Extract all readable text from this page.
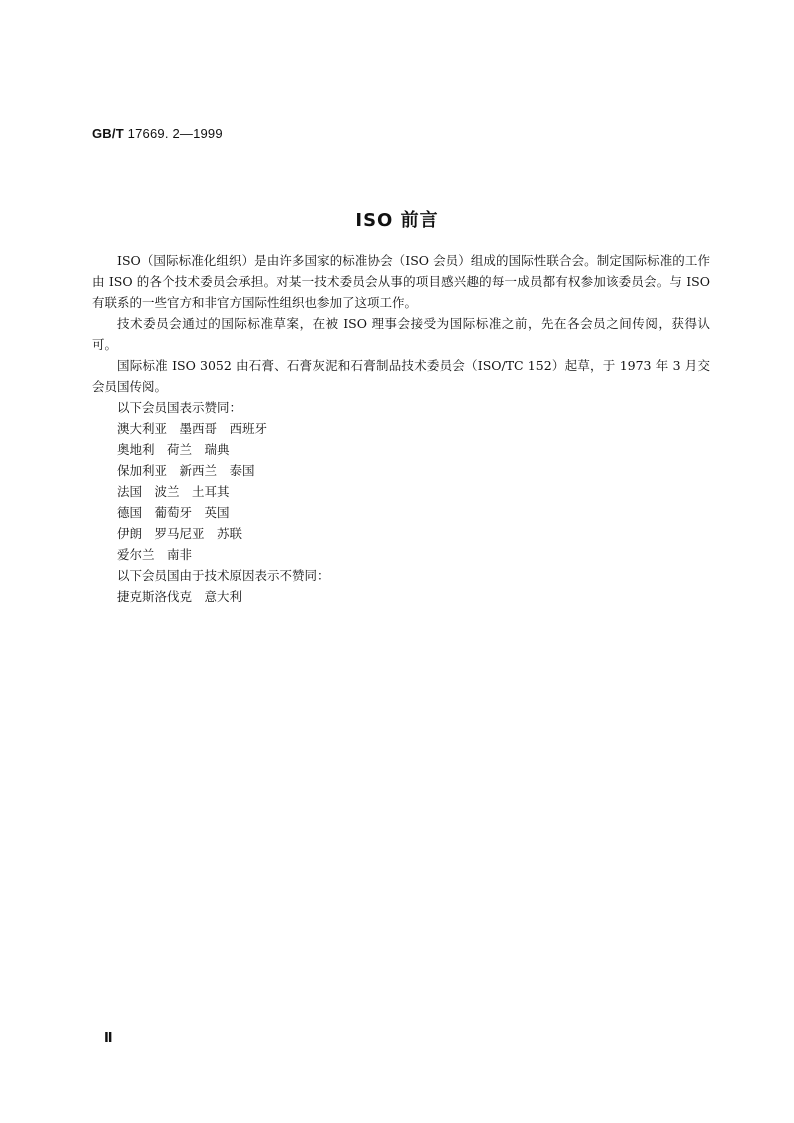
GB/T 17669. 2—1999
ISO 前言

ISO（国际标准化组织）是由许多国家的标准协会（ISO 会员）组成的国际性联合会。制定国际标准的工作由 ISO 的各个技术委员会承担。对某一技术委员会从事的项目感兴趣的每一成员都有权参加该委员会。与 ISO 有联系的一些官方和非官方国际性组织也参加了这项工作。

技术委员会通过的国际标准草案，在被 ISO 理事会接受为国际标准之前，先在各会员之间传阅，获得认可。

国际标准 ISO 3052 由石膏、石膏灰泥和石膏制品技术委员会（ISO/TC 152）起草，于 1973 年 3 月交会员国传阅。

以下会员国表示赞同：
澳大利亚　墨西哥　西班牙
奥地利　荷兰　瑞典
保加利亚　新西兰　泰国
法国　波兰　土耳其
德国　葡萄牙　英国
伊朗　罗马尼亚　苏联
爱尔兰　南非
以下会员国由于技术原因表示不赞同：
捷克斯洛伐克　意大利
Ⅱ
